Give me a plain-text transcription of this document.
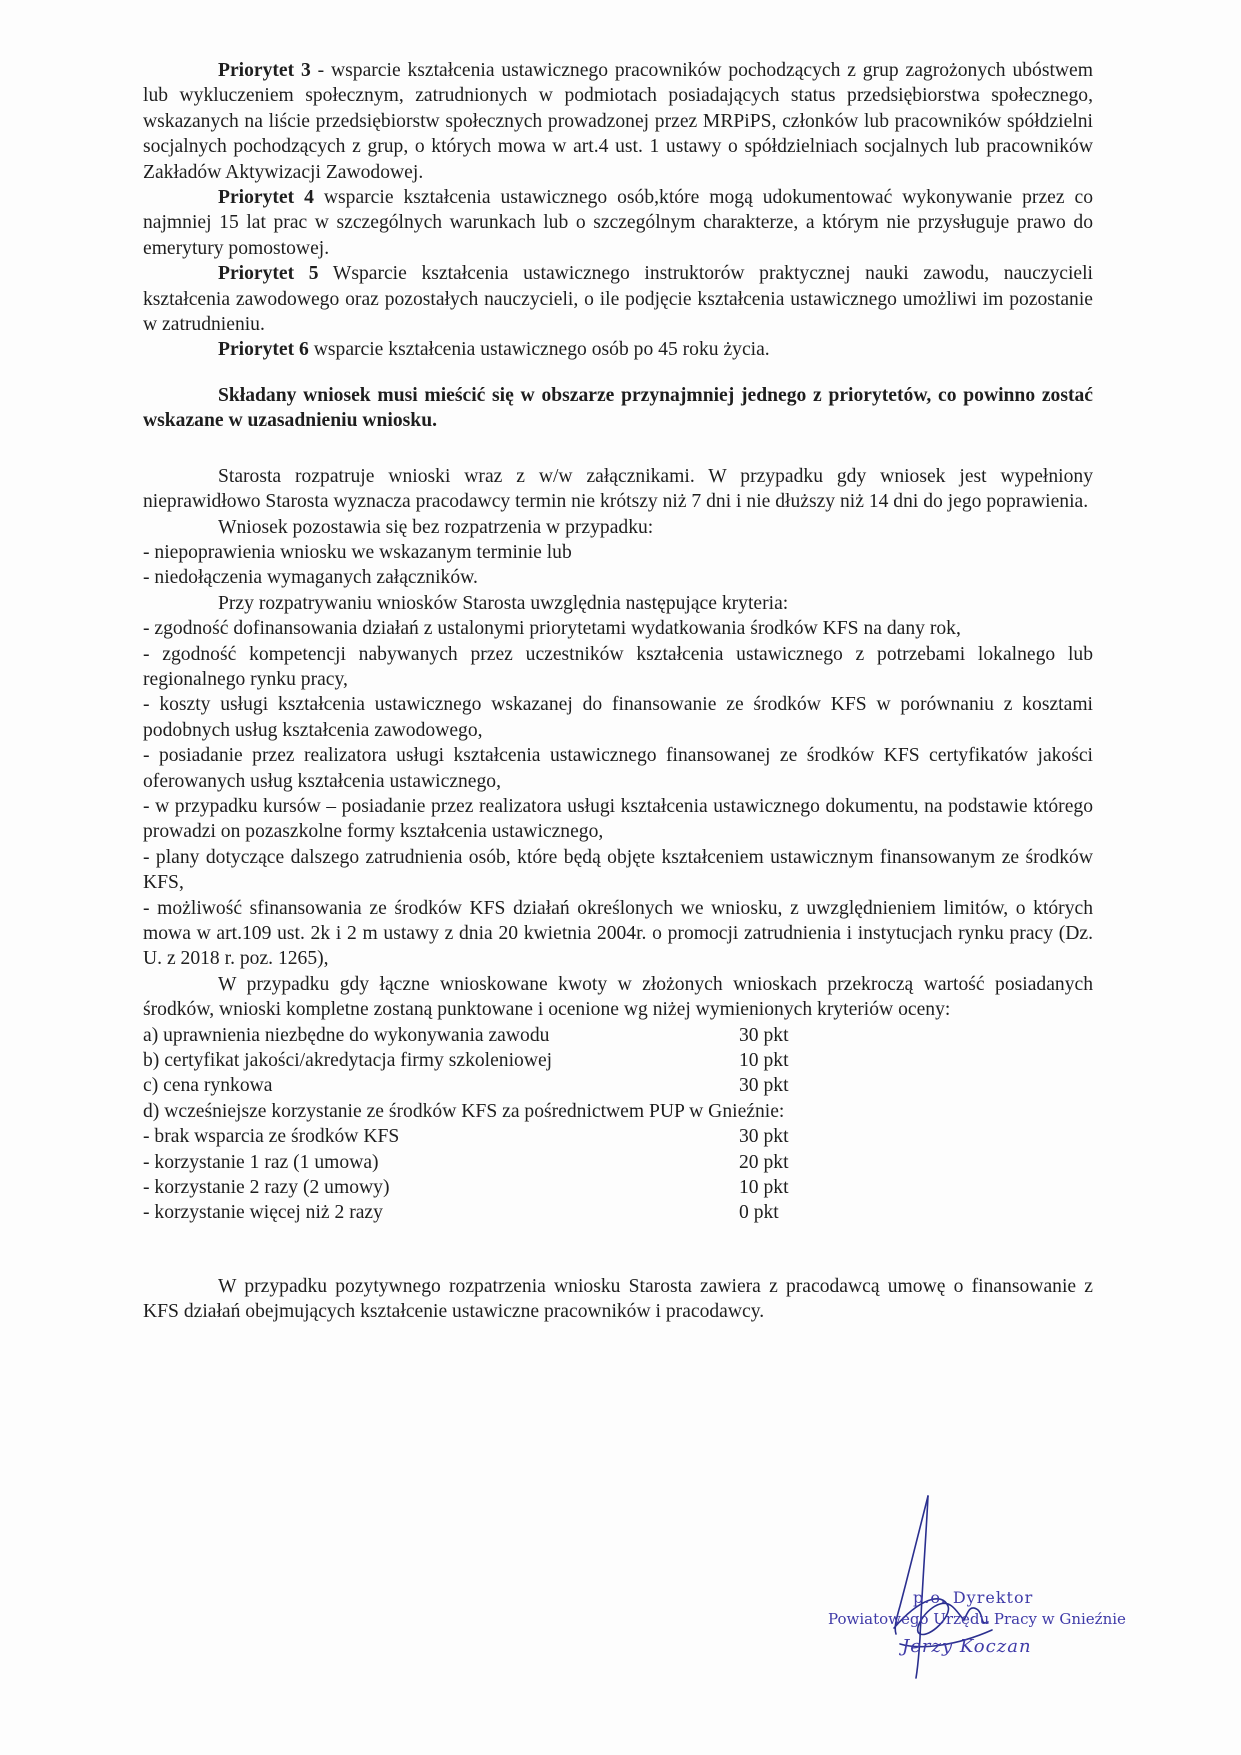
Priorytet 3 - wsparcie kształcenia ustawicznego pracowników pochodzących z grup zagrożonych ubóstwem lub wykluczeniem społecznym, zatrudnionych w podmiotach posiadających status przedsiębiorstwa społecznego, wskazanych na liście przedsiębiorstw społecznych prowadzonej przez MRPiPS, członków lub pracowników spółdzielni socjalnych pochodzących z grup, o których mowa w art.4 ust. 1 ustawy o spółdzielniach socjalnych lub pracowników Zakładów Aktywizacji Zawodowej.

Priorytet 4 wsparcie kształcenia ustawicznego osób,które mogą udokumentować wykonywanie przez co najmniej 15 lat prac w szczególnych warunkach lub o szczególnym charakterze, a którym nie przysługuje prawo do emerytury pomostowej.

Priorytet 5 Wsparcie kształcenia ustawicznego instruktorów praktycznej nauki zawodu, nauczycieli kształcenia zawodowego oraz pozostałych nauczycieli, o ile podjęcie kształcenia ustawicznego umożliwi im pozostanie w zatrudnieniu.

Priorytet 6 wsparcie kształcenia ustawicznego osób po 45 roku życia.

Składany wniosek musi mieścić się w obszarze przynajmniej jednego z priorytetów, co powinno zostać wskazane w uzasadnieniu wniosku.

Starosta rozpatruje wnioski wraz z w/w załącznikami. W przypadku gdy wniosek jest wypełniony nieprawidłowo Starosta wyznacza pracodawcy termin nie krótszy niż 7 dni i nie dłuższy niż 14 dni do jego poprawienia.

Wniosek pozostawia się bez rozpatrzenia w przypadku:

- niepoprawienia wniosku we wskazanym terminie lub

- niedołączenia wymaganych załączników.

Przy rozpatrywaniu wniosków Starosta uwzględnia następujące kryteria:

- zgodność dofinansowania działań z ustalonymi priorytetami wydatkowania środków KFS na dany rok,

- zgodność kompetencji nabywanych przez uczestników kształcenia ustawicznego z potrzebami lokalnego lub regionalnego rynku pracy,

- koszty usługi kształcenia ustawicznego wskazanej do finansowanie ze środków KFS w porównaniu z kosztami podobnych usług kształcenia zawodowego,

- posiadanie przez realizatora usługi kształcenia ustawicznego finansowanej ze środków KFS certyfikatów jakości oferowanych usług kształcenia ustawicznego,

- w przypadku kursów – posiadanie przez realizatora usługi kształcenia ustawicznego dokumentu, na podstawie którego prowadzi on pozaszkolne formy kształcenia ustawicznego,

- plany dotyczące dalszego zatrudnienia osób, które będą objęte kształceniem ustawicznym finansowanym ze środków KFS,

- możliwość sfinansowania ze środków KFS działań określonych we wniosku, z uwzględnieniem limitów, o których mowa w art.109 ust. 2k i 2 m ustawy z dnia 20 kwietnia 2004r. o promocji zatrudnienia i instytucjach rynku pracy (Dz. U. z 2018 r. poz. 1265),

W przypadku gdy łączne wnioskowane kwoty w złożonych wnioskach przekroczą wartość posiadanych środków, wnioski kompletne zostaną punktowane i ocenione wg niżej wymienionych kryteriów oceny:

a) uprawnienia niezbędne do wykonywania zawodu	30 pkt
b) certyfikat jakości/akredytacja firmy szkoleniowej	10 pkt
c) cena rynkowa	30 pkt
d) wcześniejsze korzystanie ze środków KFS za pośrednictwem PUP w Gnieźnie:
- brak wsparcia ze środków KFS	30 pkt
- korzystanie 1 raz (1 umowa)	20 pkt
- korzystanie 2 razy (2 umowy)	10 pkt
- korzystanie więcej niż 2 razy	0 pkt

W przypadku pozytywnego rozpatrzenia wniosku Starosta zawiera z pracodawcą umowę o finansowanie z KFS działań obejmujących kształcenie ustawiczne pracowników i pracodawcy.

p.o. Dyrektor
Powiatowego Urzędu Pracy w Gnieźnie
Jerzy Koczan
